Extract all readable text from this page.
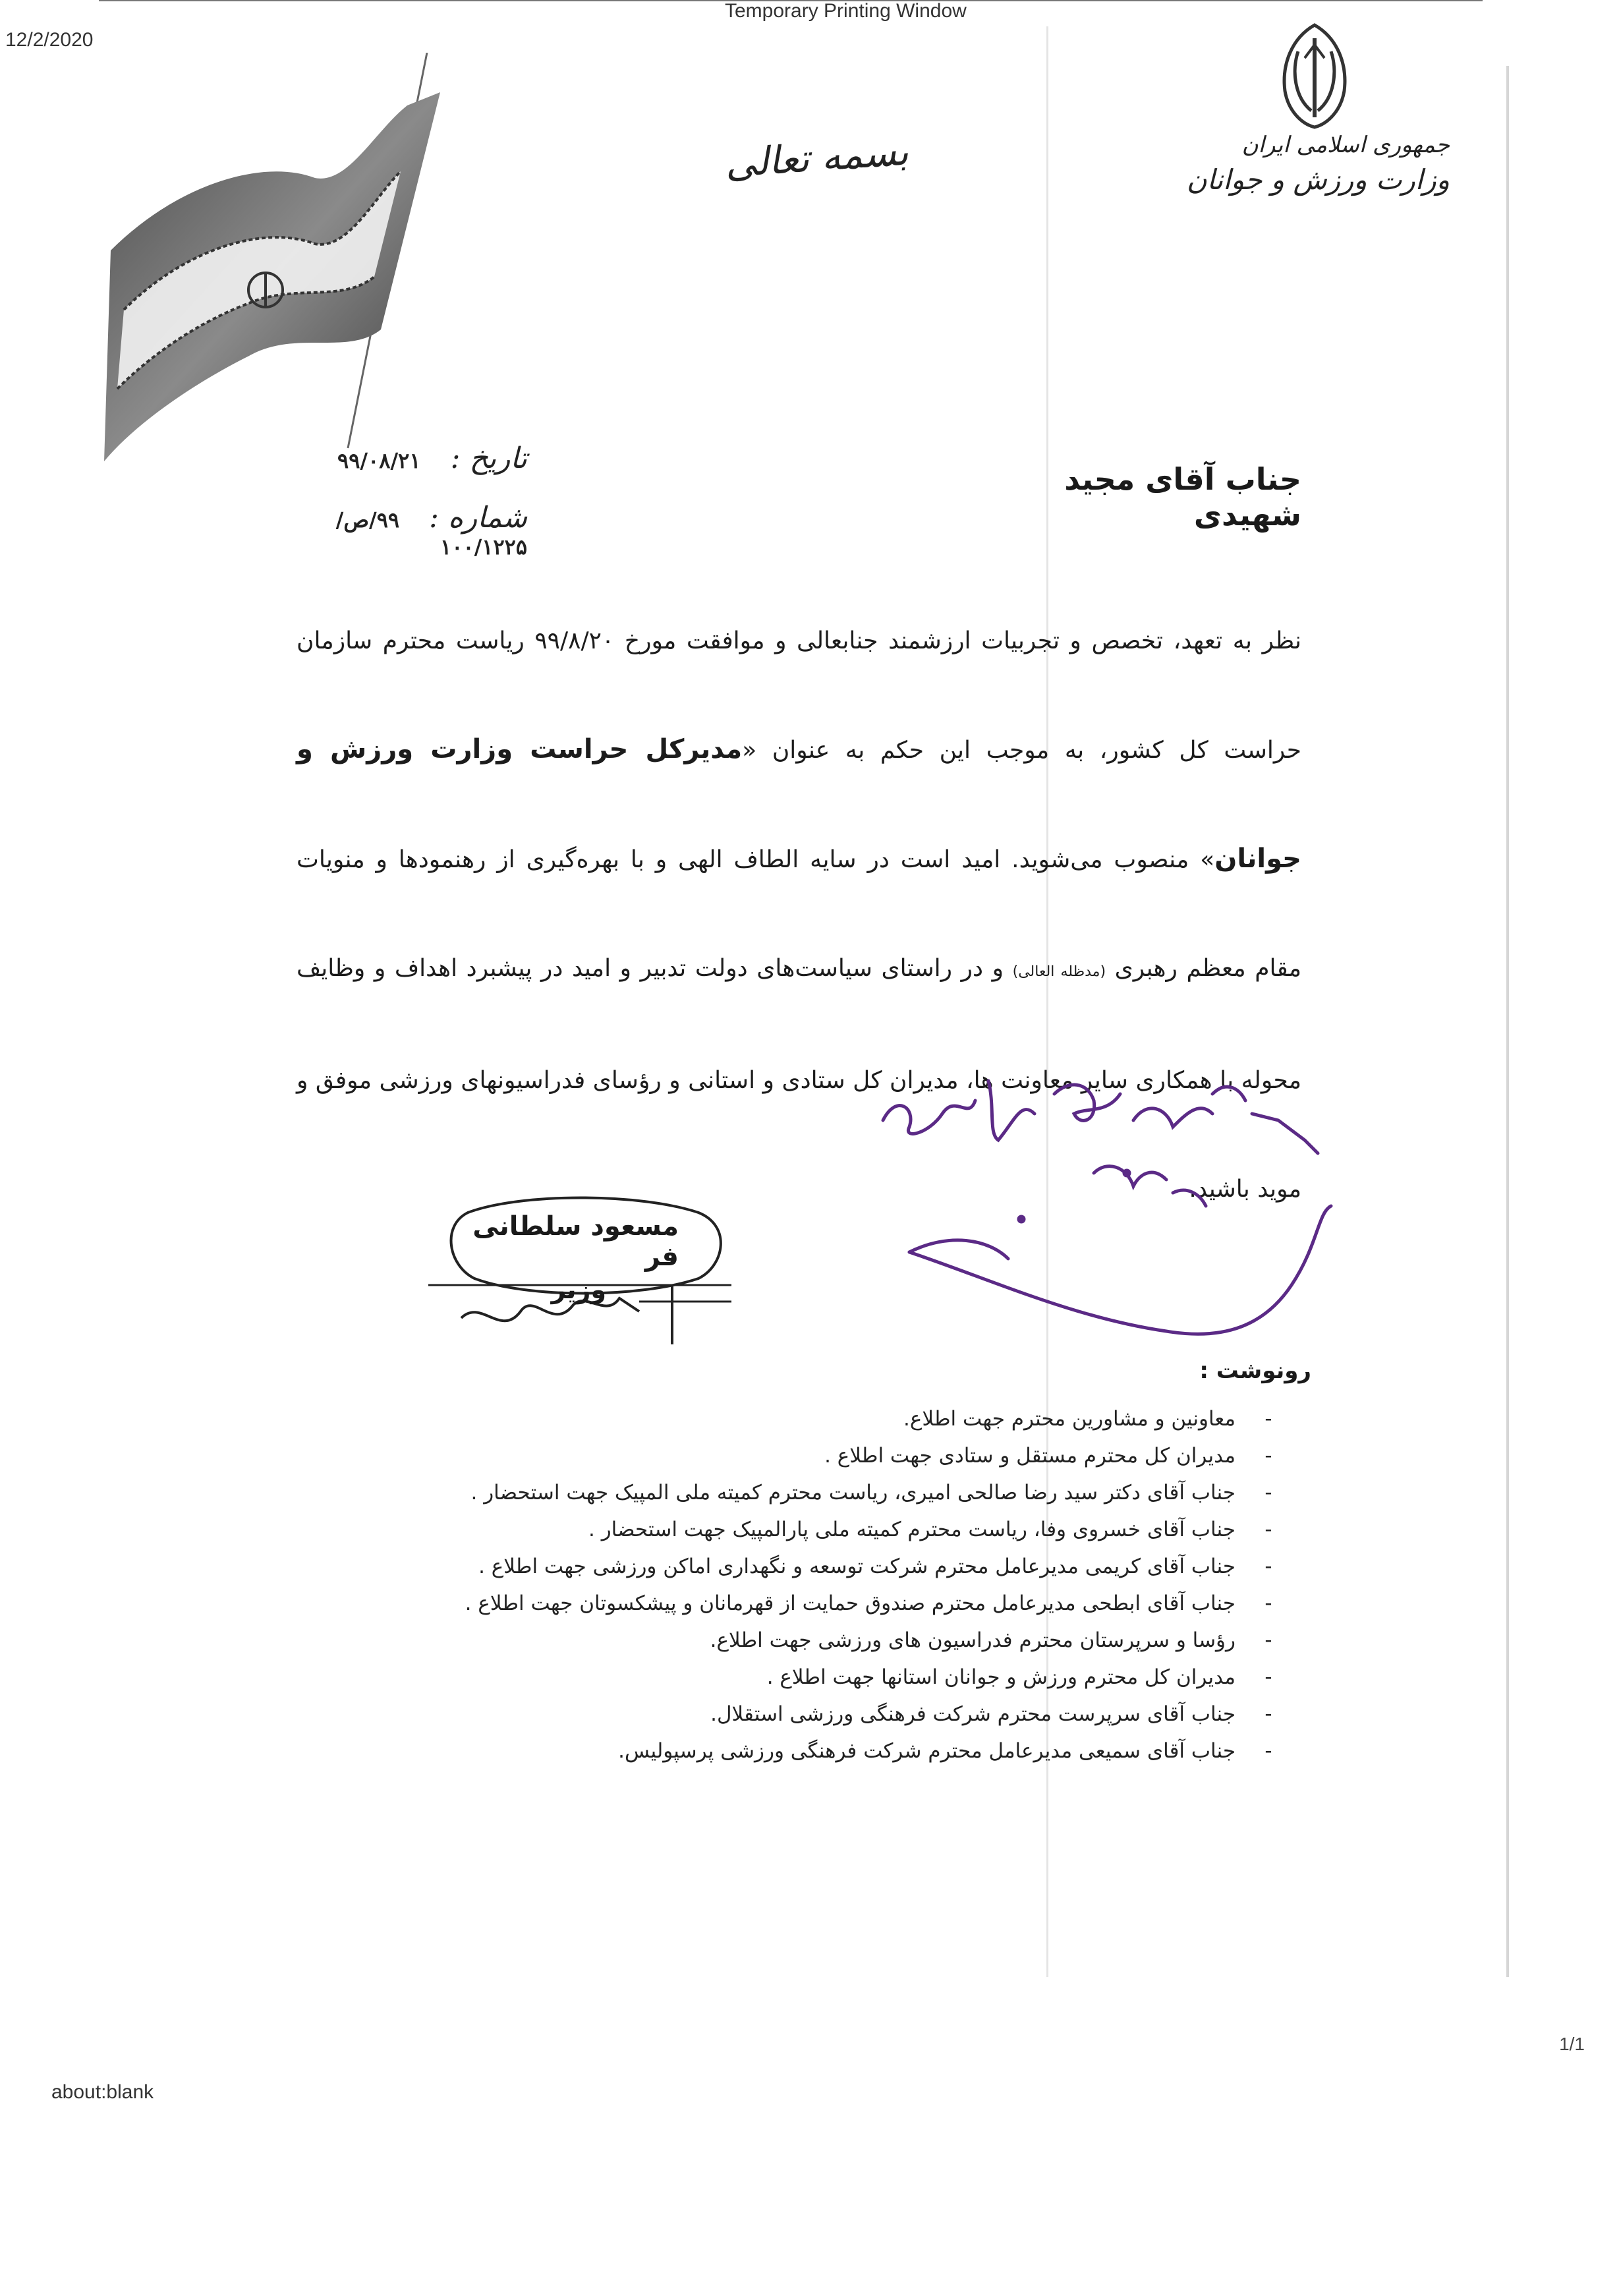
12/2/2020
Temporary Printing Window
1/1
about:blank
جمهوری اسلامی ایران
وزارت ورزش و جوانان
بسمه تعالی
تاریخ : ۹۹/۰۸/۲۱
شماره : ۹۹/ص/۱۰۰/۱۲۲۵
جناب آقای مجید شهیدی

نظر به تعهد، تخصص و تجربیات ارزشمند جنابعالی و موافقت مورخ ۹۹/۸/۲۰ ریاست محترم سازمان حراست کل کشور، به موجب این حکم به عنوان «مدیرکل حراست وزارت ورزش و جوانان» منصوب می‌شوید. امید است در سایه الطاف الهی و با بهره‌گیری از رهنمودها و منویات مقام معظم رهبری (مدظله العالی) و در راستای سیاست‌های دولت تدبیر و امید در پیشبرد اهداف و وظایف محوله با همکاری سایر معاونت ها، مدیران کل ستادی و استانی و رؤسای فدراسیونهای ورزشی موفق و موید باشید.

مسعود سلطانی فر
وزیر
رونوشت :
-
معاونین و مشاورین محترم جهت اطلاع.
-
مدیران کل محترم مستقل و ستادی جهت اطلاع .
-
جناب آقای دکتر سید رضا صالحی امیری، ریاست محترم کمیته ملی المپیک جهت استحضار .
-
جناب آقای خسروی وفا، ریاست محترم کمیته ملی پارالمپیک جهت استحضار .
-
جناب آقای کریمی مدیرعامل محترم شرکت توسعه و نگهداری اماکن ورزشی جهت اطلاع .
-
جناب آقای ابطحی مدیرعامل محترم صندوق حمایت از قهرمانان و پیشکسوتان جهت اطلاع .
-
رؤسا و سرپرستان محترم فدراسیون های ورزشی جهت اطلاع.
-
مدیران کل محترم ورزش و جوانان استانها جهت اطلاع .
-
جناب آقای سرپرست محترم شرکت فرهنگی ورزشی استقلال.
-
جناب آقای سمیعی مدیرعامل محترم شرکت فرهنگی ورزشی پرسپولیس.
